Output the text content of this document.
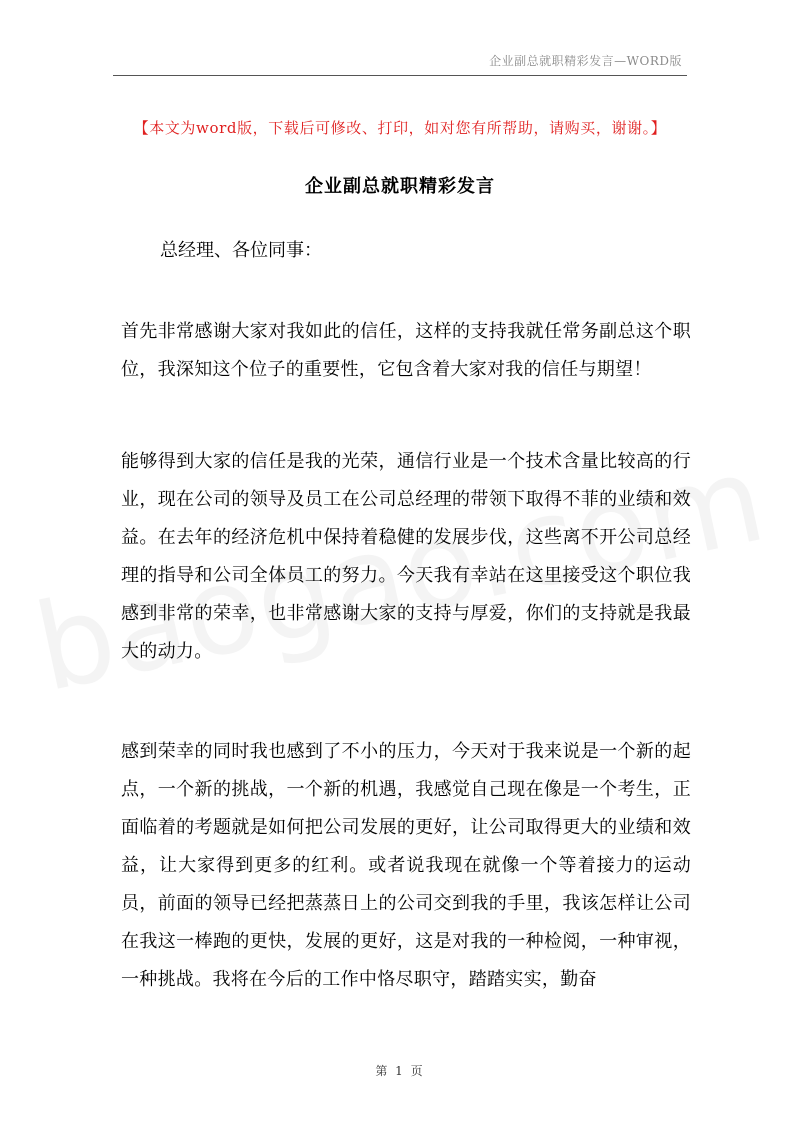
企业副总就职精彩发言—WORD版
【本文为word版，下载后可修改、打印，如对您有所帮助，请购买，谢谢。】
企业副总就职精彩发言
总经理、各位同事：

首先非常感谢大家对我如此的信任，这样的支持我就任常务副总这个职位，我深知这个位子的重要性，它包含着大家对我的信任与期望！

能够得到大家的信任是我的光荣，通信行业是一个技术含量比较高的行业，现在公司的领导及员工在公司总经理的带领下取得不菲的业绩和效益。在去年的经济危机中保持着稳健的发展步伐，这些离不开公司总经理的指导和公司全体员工的努力。今天我有幸站在这里接受这个职位我感到非常的荣幸，也非常感谢大家的支持与厚爱，你们的支持就是我最大的动力。

感到荣幸的同时我也感到了不小的压力，今天对于我来说是一个新的起点，一个新的挑战，一个新的机遇，我感觉自己现在像是一个考生，正面临着的考题就是如何把公司发展的更好，让公司取得更大的业绩和效益，让大家得到更多的红利。或者说我现在就像一个等着接力的运动员，前面的领导已经把蒸蒸日上的公司交到我的手里，我该怎样让公司在我这一棒跑的更快，发展的更好，这是对我的一种检阅，一种审视，一种挑战。我将在今后的工作中恪尽职守，踏踏实实，勤奋

第 1 页
